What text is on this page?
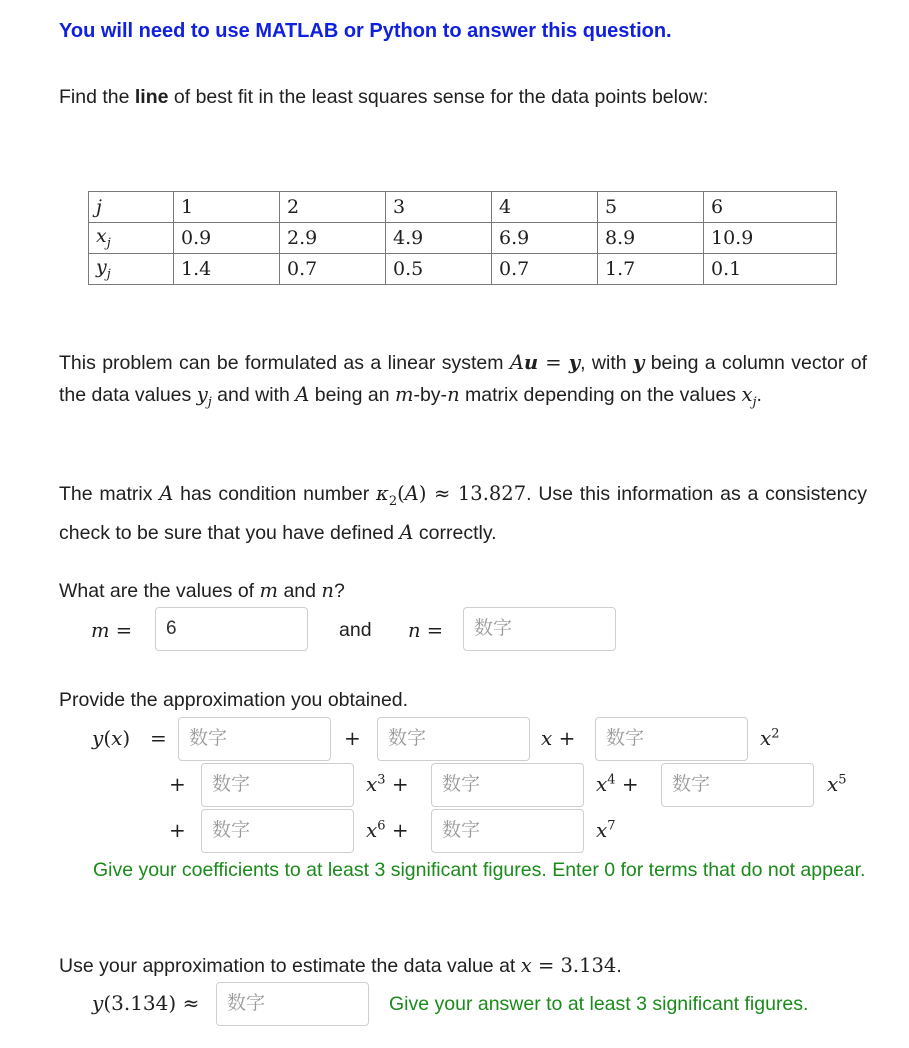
You will need to use MATLAB or Python to answer this question.
Find the line of best fit in the least squares sense for the data points below:
j	1	2	3	4	5	6
$x_j$	0.9	2.9	4.9	6.9	8.9	10.9
$y_j$	1.4	0.7	0.5	0.7	1.7	0.1

This problem can be formulated as a linear system Au = y, with y being a column vector of the data values $y_j$ and with A being an m-by-n matrix depending on the values $x_j$.

The matrix A has condition number $\kappa_2(A) \approx 13.827$. Use this information as a consistency check to be sure that you have defined A correctly.

What are the values of m and n?
m =
6	and n =
数字
Provide the approximation you obtained.
y(x) =
数字	+
数字	x +
数字	$x^2$
+
数字	$x^3$ +
数字	$x^4$ +
数字	$x^5$
+
数字	$x^6$ +
数字	$x^7$

Give your coefficients to at least 3 significant figures. Enter 0 for terms that do not appear.

Use your approximation to estimate the data value at x = 3.134.
y(3.134) ≈
数字	Give your answer to at least 3 significant figures.
